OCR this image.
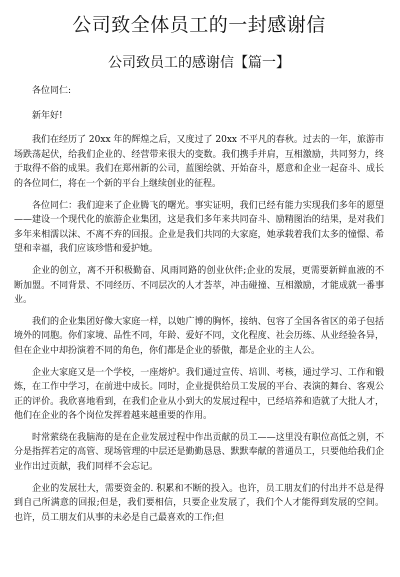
公司致全体员工的一封感谢信
公司致员工的感谢信【篇一】

各位同仁:

新年好!

我们在经历了 20xx 年的辉煌之后，又度过了 20xx 不平凡的春秋。过去的一年，旅游市场跌荡起伏，给我们企业的、经营带来很大的变数。我们携手并肩，互相激励，共同努力，终于取得不俗的成果。我们在郑州新的公司，蓝图绘就、开始奋斗，愿意和企业一起奋斗、成长的各位同仁，将在一个新的平台上继续创业的征程。

各位同仁：我们迎来了企业腾飞的曙光。事实证明，我们已经有能力实现我们多年的愿望——建设一个现代化的旅游企业集团，这是我们多年来共同奋斗、励精图治的结果，是对我们多年来相濡以沫、不离不弃的回报。企业是我们共同的大家庭，她承载着我们太多的憧憬、希望和幸福，我们应该珍惜和爱护她。

企业的创立，离不开积极勤奋、风雨同路的创业伙伴;企业的发展，更需要新鲜血液的不断加盟。不同背景、不同经历、不同层次的人才荟萃，冲击碰撞、互相激励，才能成就一番事业。

我们的企业集团好像大家庭一样，以她广博的胸怀，接纳、包容了全国各省区的弟子包括境外的同胞。你们家境、品性不同，年龄、爱好不同，文化程度、社会历练、从业经验各异，但在企业中却扮演着不同的角色，你们都是企业的骄傲，都是企业的主人公。

企业大家庭又是一个学校，一座熔炉。我们通过宣传、培训、考核，通过学习、工作和锻炼，在工作中学习，在前进中成长。同时，企业提供给员工发展的平台、表演的舞台、客观公正的评价。我欣喜地看到，在我们企业从小到大的发展过程中，已经培养和造就了大批人才，他们在企业的各个岗位发挥着越来越重要的作用。

时常萦绕在我脑海的是在企业发展过程中作出贡献的员工——这里没有职位高低之别，不分是指挥若定的高管、现场管理的中层还是勤勤恳恳、默默奉献的普通员工，只要他给我们企业作出过贡献，我们同样不会忘记。

企业的发展壮大，需要资金的. 积累和不断的投入。也许，员工朋友们的付出并不总是得到自己所满意的回报;但是，我们要相信，只要企业发展了，我们个人才能得到发展的空间。也许，员工朋友们从事的未必是自己最喜欢的工作;但
